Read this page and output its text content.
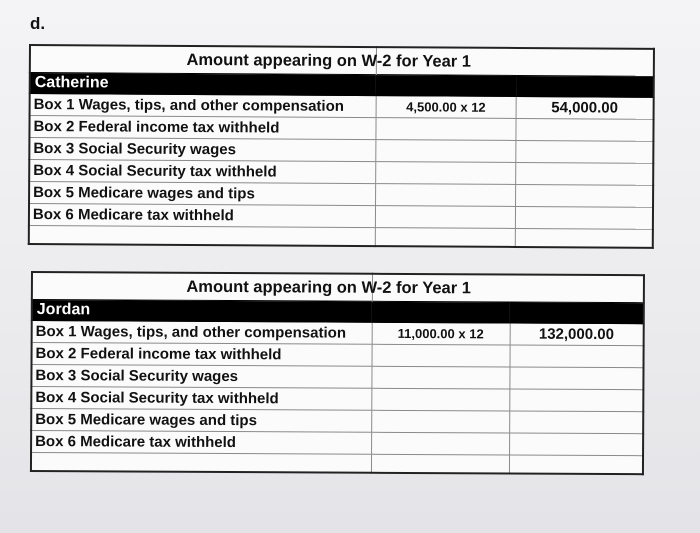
d.
	Amount appearing on W-2 for Year 1	
Catherine		
Box 1 Wages, tips, and other compensation	4,500.00 x 12	54,000.00
Box 2 Federal income tax withheld		
Box 3 Social Security wages		
Box 4 Social Security tax withheld		
Box 5 Medicare wages and tips		
Box 6 Medicare tax withheld		

	Amount appearing on W-2 for Year 1	
Jordan		
Box 1 Wages, tips, and other compensation	11,000.00 x 12	132,000.00
Box 2 Federal income tax withheld		
Box 3 Social Security wages		
Box 4 Social Security tax withheld		
Box 5 Medicare wages and tips		
Box 6 Medicare tax withheld		
